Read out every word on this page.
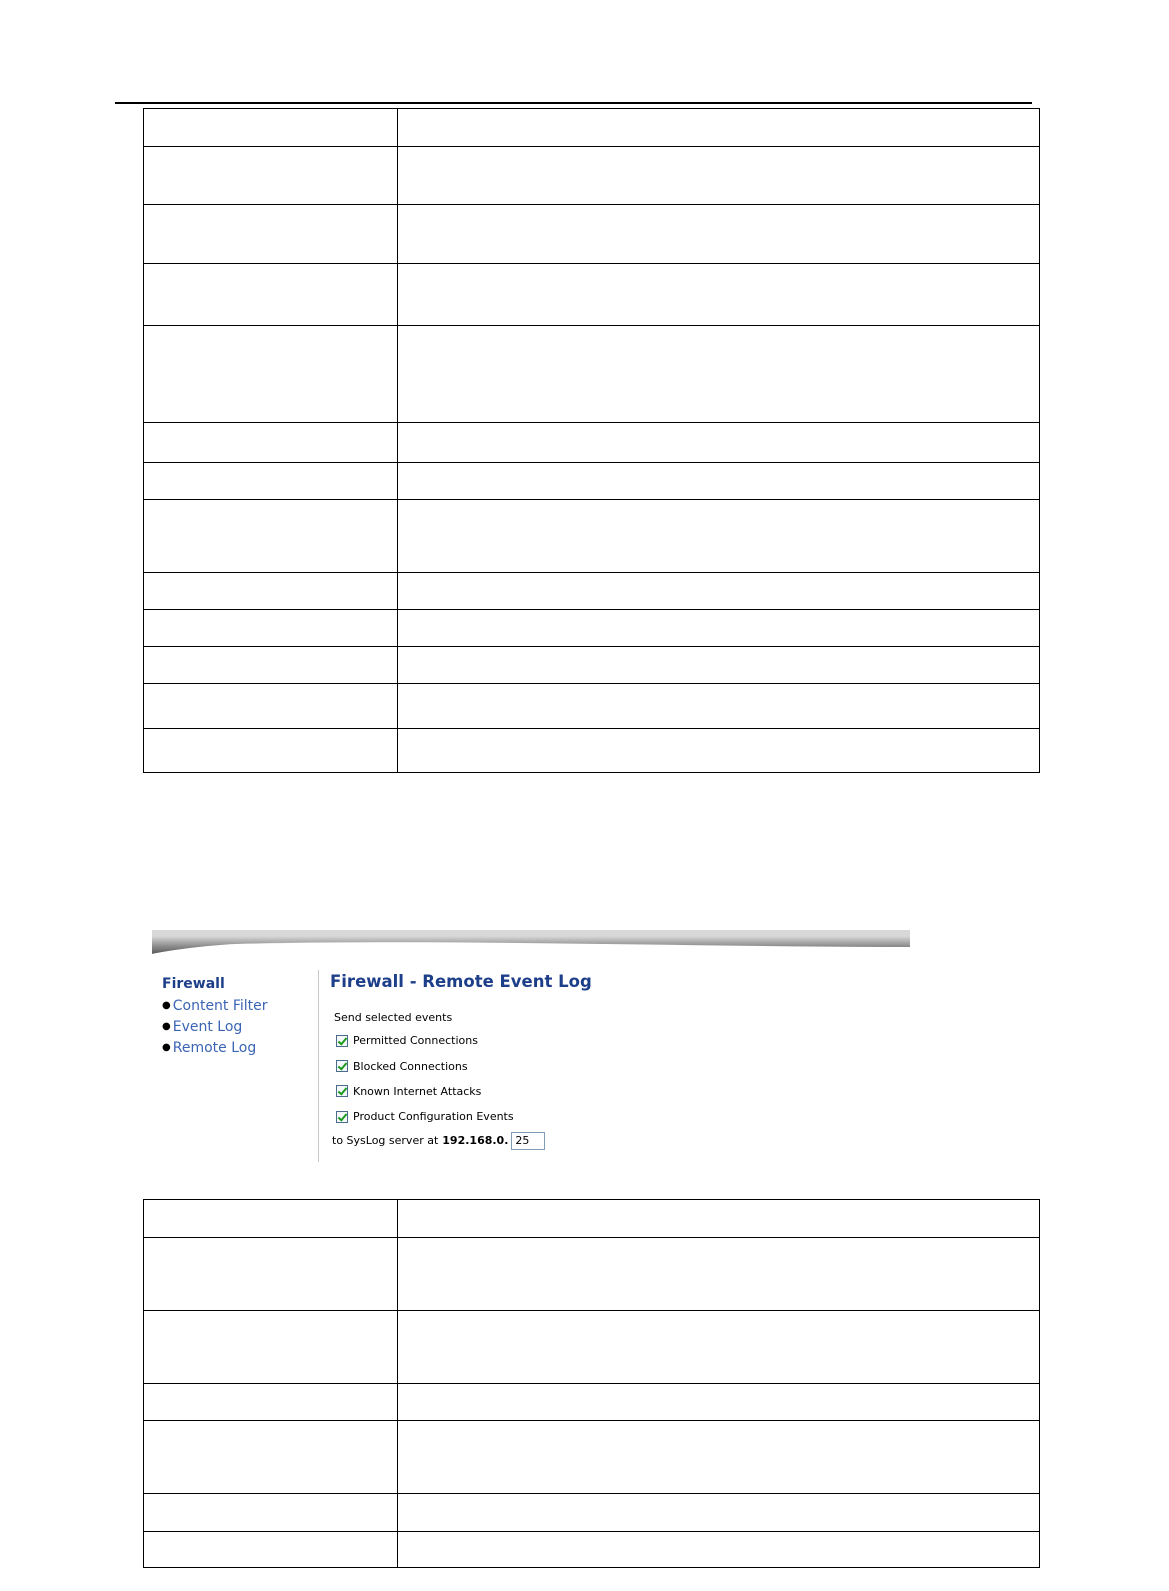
Firewall
● Content Filter
● Event Log
● Remote Log
Firewall - Remote Event Log
Send selected events
Permitted Connections
Blocked Connections
Known Internet Attacks
Product Configuration Events
to SysLog server at 192.168.0.
25
